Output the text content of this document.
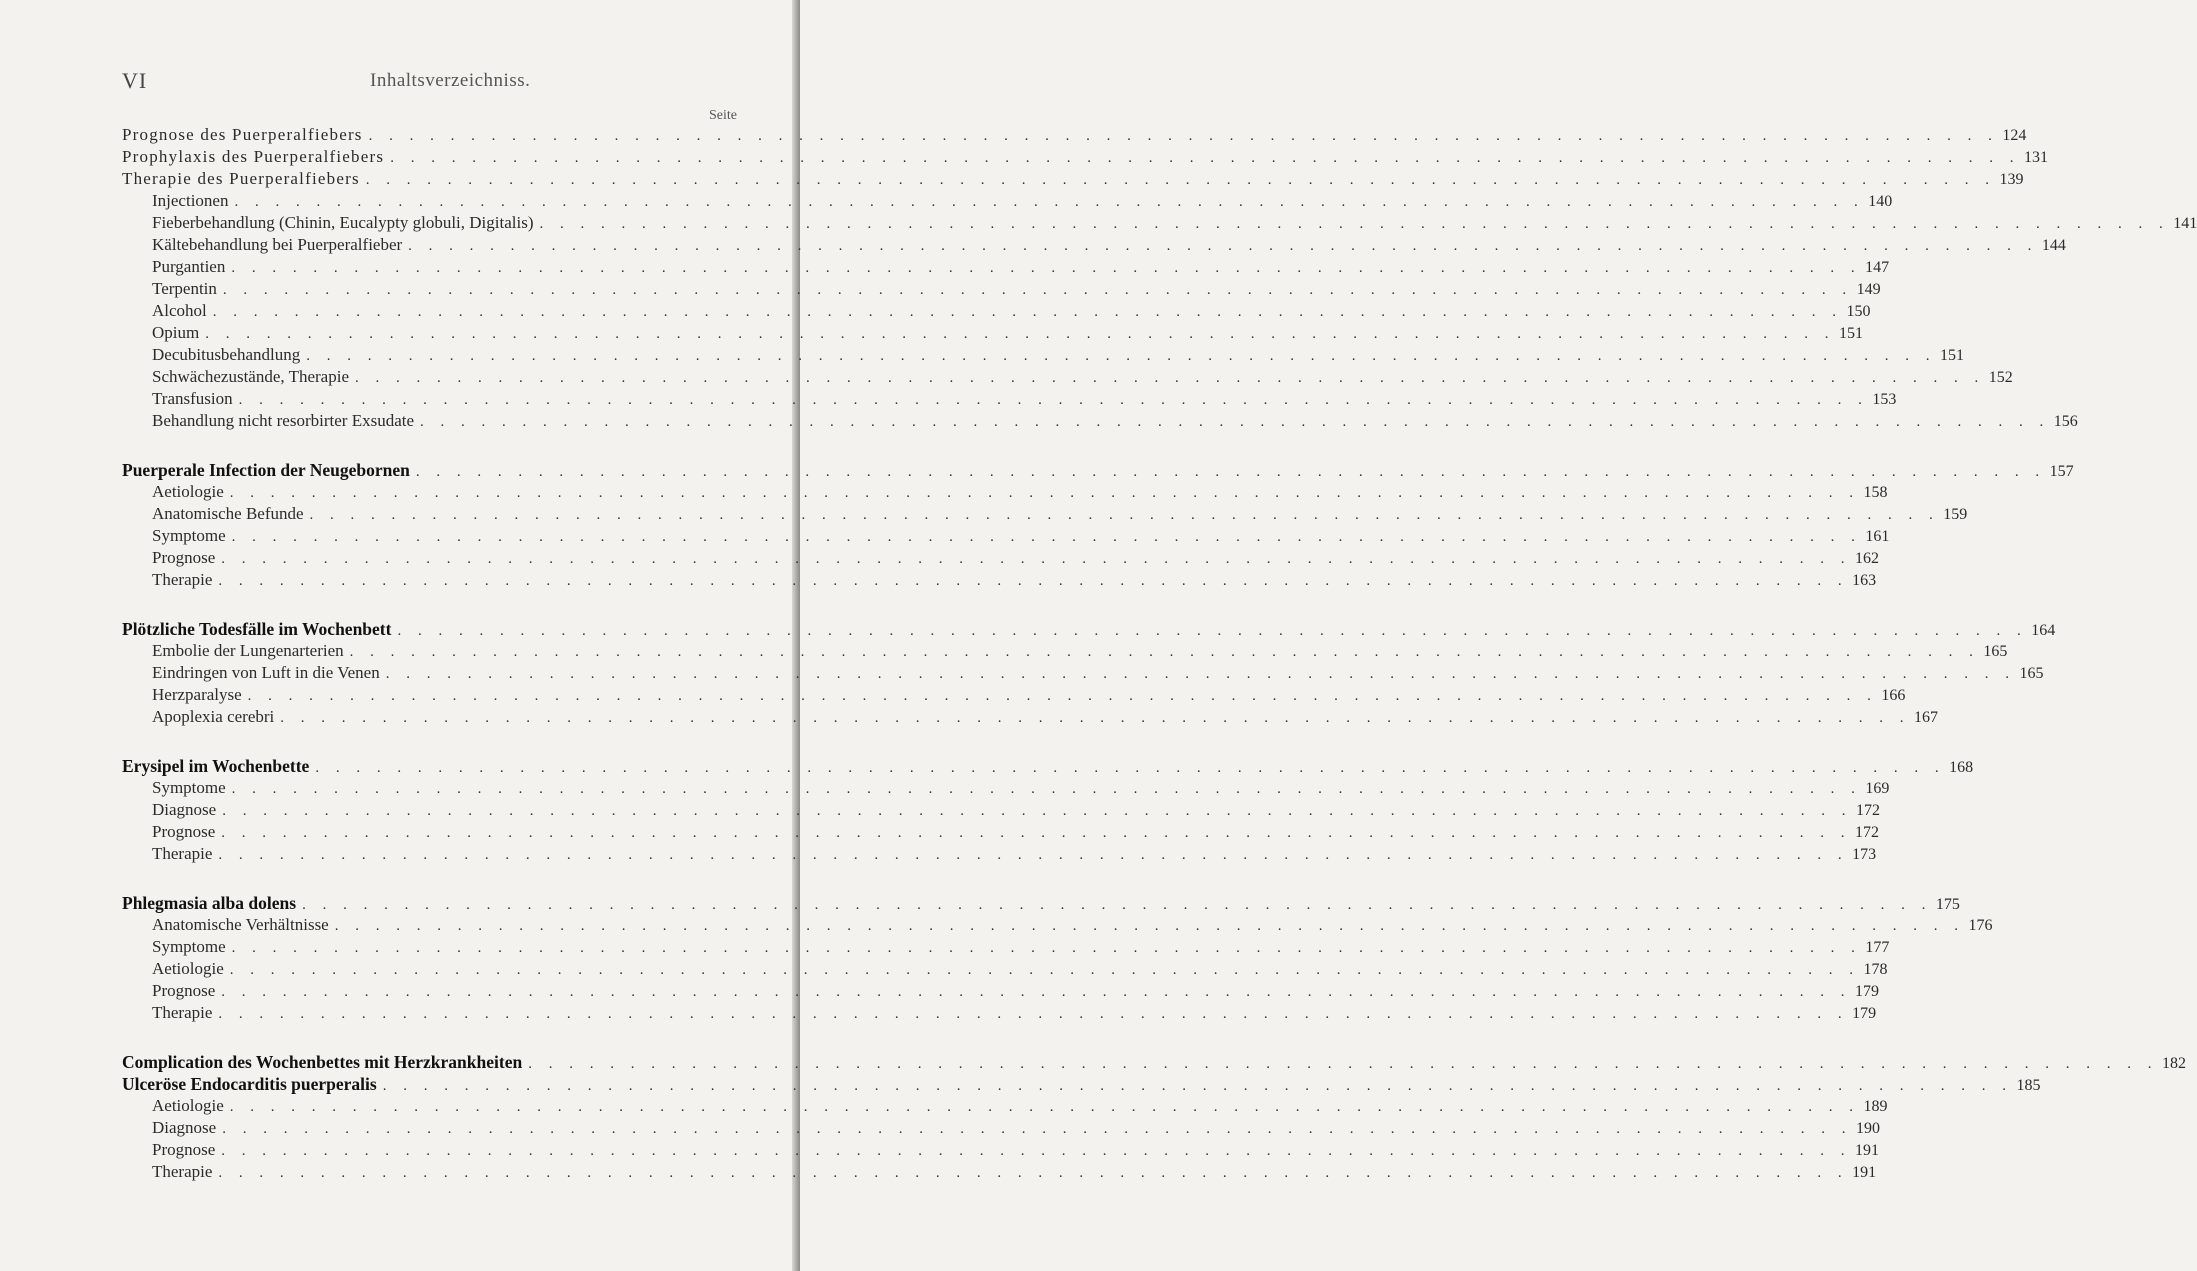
VI	Inhaltsverzeichniss.
Seite
Prognose des Puerperalfiebers . . . . . . . . . . . . . . . . . . . . . . . . . . . . . . . . . . . . . . . . . . . . . . . . . . . . . . . . . . . . . . . . . . . . . . . . . . . . . . . . 124
Prophylaxis des Puerperalfiebers . . . . . . . . . . . . . . . . . . . . . . . . . . . . . . . . . . . . . . . . . . . . . . . . . . . . . . . . . . . . . . . . . . . . . . . . . . . . . . . . 131
Therapie des Puerperalfiebers . . . . . . . . . . . . . . . . . . . . . . . . . . . . . . . . . . . . . . . . . . . . . . . . . . . . . . . . . . . . . . . . . . . . . . . . . . . . . . . . 139
Injectionen . . . . . . . . . . . . . . . . . . . . . . . . . . . . . . . . . . . . . . . . . . . . . . . . . . . . . . . . . . . . . . . . . . . . . . . . . . . . . . . . 140
Fieberbehandlung (Chinin, Eucalypty globuli, Digitalis) . . . . . . . . . . . . . . . . . . . . . . . . . . . . . . . . . . . . . . . . . . . . . . . . . . . . . . . . . . . . . . . . . . . . . . . . . . . . . . . . 141
Kältebehandlung bei Puerperalfieber . . . . . . . . . . . . . . . . . . . . . . . . . . . . . . . . . . . . . . . . . . . . . . . . . . . . . . . . . . . . . . . . . . . . . . . . . . . . . . . . 144
Purgantien . . . . . . . . . . . . . . . . . . . . . . . . . . . . . . . . . . . . . . . . . . . . . . . . . . . . . . . . . . . . . . . . . . . . . . . . . . . . . . . . 147
Terpentin . . . . . . . . . . . . . . . . . . . . . . . . . . . . . . . . . . . . . . . . . . . . . . . . . . . . . . . . . . . . . . . . . . . . . . . . . . . . . . . . 149
Alcohol . . . . . . . . . . . . . . . . . . . . . . . . . . . . . . . . . . . . . . . . . . . . . . . . . . . . . . . . . . . . . . . . . . . . . . . . . . . . . . . . 150
Opium . . . . . . . . . . . . . . . . . . . . . . . . . . . . . . . . . . . . . . . . . . . . . . . . . . . . . . . . . . . . . . . . . . . . . . . . . . . . . . . . 151
Decubitusbehandlung . . . . . . . . . . . . . . . . . . . . . . . . . . . . . . . . . . . . . . . . . . . . . . . . . . . . . . . . . . . . . . . . . . . . . . . . . . . . . . . . 151
Schwächezustände, Therapie . . . . . . . . . . . . . . . . . . . . . . . . . . . . . . . . . . . . . . . . . . . . . . . . . . . . . . . . . . . . . . . . . . . . . . . . . . . . . . . . 152
Transfusion . . . . . . . . . . . . . . . . . . . . . . . . . . . . . . . . . . . . . . . . . . . . . . . . . . . . . . . . . . . . . . . . . . . . . . . . . . . . . . . . 153
Behandlung nicht resorbirter Exsudate . . . . . . . . . . . . . . . . . . . . . . . . . . . . . . . . . . . . . . . . . . . . . . . . . . . . . . . . . . . . . . . . . . . . . . . . . . . . . . . . 156
Puerperale Infection der Neugebornen . . . . . . . . . . . . . . . . . . . . . . . . . . . . . . . . . . . . . . . . . . . . . . . . . . . . . . . . . . . . . . . . . . . . . . . . . . . . . . . . 157
Aetiologie . . . . . . . . . . . . . . . . . . . . . . . . . . . . . . . . . . . . . . . . . . . . . . . . . . . . . . . . . . . . . . . . . . . . . . . . . . . . . . . . 158
Anatomische Befunde . . . . . . . . . . . . . . . . . . . . . . . . . . . . . . . . . . . . . . . . . . . . . . . . . . . . . . . . . . . . . . . . . . . . . . . . . . . . . . . . 159
Symptome . . . . . . . . . . . . . . . . . . . . . . . . . . . . . . . . . . . . . . . . . . . . . . . . . . . . . . . . . . . . . . . . . . . . . . . . . . . . . . . . 161
Prognose . . . . . . . . . . . . . . . . . . . . . . . . . . . . . . . . . . . . . . . . . . . . . . . . . . . . . . . . . . . . . . . . . . . . . . . . . . . . . . . . 162
Therapie . . . . . . . . . . . . . . . . . . . . . . . . . . . . . . . . . . . . . . . . . . . . . . . . . . . . . . . . . . . . . . . . . . . . . . . . . . . . . . . . 163
Plötzliche Todesfälle im Wochenbett . . . . . . . . . . . . . . . . . . . . . . . . . . . . . . . . . . . . . . . . . . . . . . . . . . . . . . . . . . . . . . . . . . . . . . . . . . . . . . . . 164
Embolie der Lungenarterien . . . . . . . . . . . . . . . . . . . . . . . . . . . . . . . . . . . . . . . . . . . . . . . . . . . . . . . . . . . . . . . . . . . . . . . . . . . . . . . . 165
Eindringen von Luft in die Venen . . . . . . . . . . . . . . . . . . . . . . . . . . . . . . . . . . . . . . . . . . . . . . . . . . . . . . . . . . . . . . . . . . . . . . . . . . . . . . . . 165
Herzparalyse . . . . . . . . . . . . . . . . . . . . . . . . . . . . . . . . . . . . . . . . . . . . . . . . . . . . . . . . . . . . . . . . . . . . . . . . . . . . . . . . 166
Apoplexia cerebri . . . . . . . . . . . . . . . . . . . . . . . . . . . . . . . . . . . . . . . . . . . . . . . . . . . . . . . . . . . . . . . . . . . . . . . . . . . . . . . . 167
Erysipel im Wochenbette . . . . . . . . . . . . . . . . . . . . . . . . . . . . . . . . . . . . . . . . . . . . . . . . . . . . . . . . . . . . . . . . . . . . . . . . . . . . . . . . 168
Symptome . . . . . . . . . . . . . . . . . . . . . . . . . . . . . . . . . . . . . . . . . . . . . . . . . . . . . . . . . . . . . . . . . . . . . . . . . . . . . . . . 169
Diagnose . . . . . . . . . . . . . . . . . . . . . . . . . . . . . . . . . . . . . . . . . . . . . . . . . . . . . . . . . . . . . . . . . . . . . . . . . . . . . . . . 172
Prognose . . . . . . . . . . . . . . . . . . . . . . . . . . . . . . . . . . . . . . . . . . . . . . . . . . . . . . . . . . . . . . . . . . . . . . . . . . . . . . . . 172
Therapie . . . . . . . . . . . . . . . . . . . . . . . . . . . . . . . . . . . . . . . . . . . . . . . . . . . . . . . . . . . . . . . . . . . . . . . . . . . . . . . . 173
Phlegmasia alba dolens . . . . . . . . . . . . . . . . . . . . . . . . . . . . . . . . . . . . . . . . . . . . . . . . . . . . . . . . . . . . . . . . . . . . . . . . . . . . . . . . 175
Anatomische Verhältnisse . . . . . . . . . . . . . . . . . . . . . . . . . . . . . . . . . . . . . . . . . . . . . . . . . . . . . . . . . . . . . . . . . . . . . . . . . . . . . . . . 176
Symptome . . . . . . . . . . . . . . . . . . . . . . . . . . . . . . . . . . . . . . . . . . . . . . . . . . . . . . . . . . . . . . . . . . . . . . . . . . . . . . . . 177
Aetiologie . . . . . . . . . . . . . . . . . . . . . . . . . . . . . . . . . . . . . . . . . . . . . . . . . . . . . . . . . . . . . . . . . . . . . . . . . . . . . . . . 178
Prognose . . . . . . . . . . . . . . . . . . . . . . . . . . . . . . . . . . . . . . . . . . . . . . . . . . . . . . . . . . . . . . . . . . . . . . . . . . . . . . . . 179
Therapie . . . . . . . . . . . . . . . . . . . . . . . . . . . . . . . . . . . . . . . . . . . . . . . . . . . . . . . . . . . . . . . . . . . . . . . . . . . . . . . . 179
Complication des Wochenbettes mit Herzkrankheiten . . . . . . . . . . . . . . . . . . . . . . . . . . . . . . . . . . . . . . . . . . . . . . . . . . . . . . . . . . . . . . . . . . . . . . . . . . . . . . . . 182
Ulceröse Endocarditis puerperalis . . . . . . . . . . . . . . . . . . . . . . . . . . . . . . . . . . . . . . . . . . . . . . . . . . . . . . . . . . . . . . . . . . . . . . . . . . . . . . . . 185
Aetiologie . . . . . . . . . . . . . . . . . . . . . . . . . . . . . . . . . . . . . . . . . . . . . . . . . . . . . . . . . . . . . . . . . . . . . . . . . . . . . . . . 189
Diagnose . . . . . . . . . . . . . . . . . . . . . . . . . . . . . . . . . . . . . . . . . . . . . . . . . . . . . . . . . . . . . . . . . . . . . . . . . . . . . . . . 190
Prognose . . . . . . . . . . . . . . . . . . . . . . . . . . . . . . . . . . . . . . . . . . . . . . . . . . . . . . . . . . . . . . . . . . . . . . . . . . . . . . . . 191
Therapie . . . . . . . . . . . . . . . . . . . . . . . . . . . . . . . . . . . . . . . . . . . . . . . . . . . . . . . . . . . . . . . . . . . . . . . . . . . . . . . . 191
